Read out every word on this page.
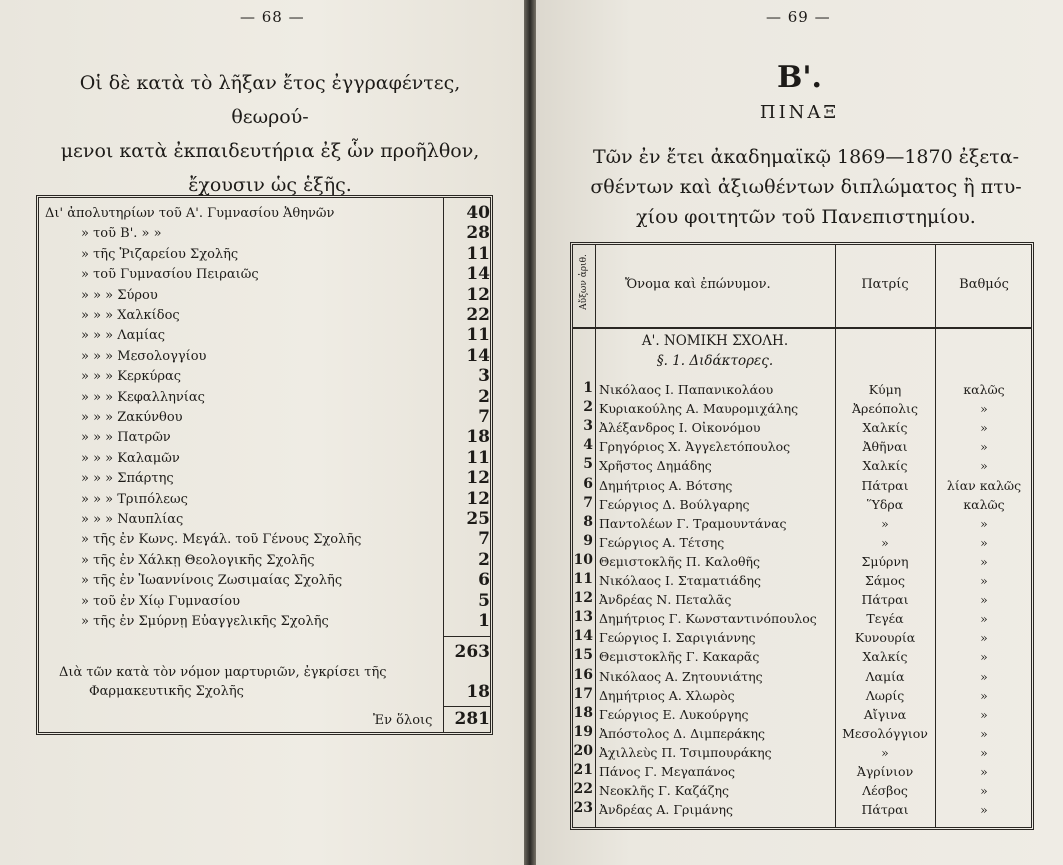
— 68 —
Οἱ δὲ κατὰ τὸ λῆξαν ἔτος ἐγγραφέντες, θεωρού-
μενοι κατὰ ἐκπαιδευτήρια ἐξ ὧν προῆλθον,
ἔχουσιν ὡς ἑξῆς.
Δι' ἀπολυτηρίων τοῦ Α'. Γυμνασίου Ἀθηνῶν	40
» τοῦ Β'. » »	28
» τῆς Ῥιζαρείου Σχολῆς	11
» τοῦ Γυμνασίου Πειραιῶς	14
» » » Σύρου	12
» » » Χαλκίδος	22
» » » Λαμίας	11
» » » Μεσολογγίου	14
» » » Κερκύρας	3
» » » Κεφαλληνίας	2
» » » Ζακύνθου	7
» » » Πατρῶν	18
» » » Καλαμῶν	11
» » » Σπάρτης	12
» » » Τριπόλεως	12
» » » Ναυπλίας	25
» τῆς ἐν Κωνς. Μεγάλ. τοῦ Γένους Σχολῆς	7
» τῆς ἐν Χάλκῃ Θεολογικῆς Σχολῆς	2
» τῆς ἐν Ἰωαννίνοις Ζωσιμαίας Σχολῆς	6
» τοῦ ἐν Χίῳ Γυμνασίου	5
» τῆς ἐν Σμύρνῃ Εὐαγγελικῆς Σχολῆς	1
263
Διὰ τῶν κατὰ τὸν νόμον μαρτυριῶν, ἐγκρίσει τῆς
Φαρμακευτικῆς Σχολῆς	18
Ἐν ὅλοις	281
— 69 —
Β'.
ΠΙΝΑΞ
Τῶν ἐν ἔτει ἀκαδημαϊκῷ 1869—1870 ἐξετα-
σθέντων καὶ ἀξιωθέντων διπλώματος ἢ πτυ-
χίου φοιτητῶν τοῦ Πανεπιστημίου.
Αὔξων ἀριθ.	Ὄνομα καὶ ἐπώνυμον.	Πατρίς	Βαθμός
Α'. ΝΟΜΙΚΗ ΣΧΟΛΗ.
§. 1. Διδάκτορες.
1 Νικόλαος Ι. Παπανικολάου	Κύμη	καλῶς
2 Κυριακούλης Α. Μαυρομιχάλης	Ἀρεόπολις	»
3 Ἀλέξανδρος Ι. Οἰκονόμου	Χαλκίς	»
4 Γρηγόριος Χ. Ἀγγελετόπουλος	Ἀθῆναι	»
5 Χρῆστος Δημάδης	Χαλκίς	»
6 Δημήτριος Α. Βότσης	Πάτραι	λίαν καλῶς
7 Γεώργιος Δ. Βούλγαρης	Ὕδρα	καλῶς
8 Παντολέων Γ. Τραμουντάνας	»	»
9 Γεώργιος Α. Τέτσης	»	»
10 Θεμιστοκλῆς Π. Καλοθῆς	Σμύρνη	»
11 Νικόλαος Ι. Σταματιάδης	Σάμος	»
12 Ἀνδρέας Ν. Πεταλᾶς	Πάτραι	»
13 Δημήτριος Γ. Κωνσταντινόπουλος	Τεγέα	»
14 Γεώργιος Ι. Σαριγιάννης	Κυνουρία	»
15 Θεμιστοκλῆς Γ. Κακαρᾶς	Χαλκίς	»
16 Νικόλαος Α. Ζητουνιάτης	Λαμία	»
17 Δημήτριος Α. Χλωρὸς	Λωρίς	»
18 Γεώργιος Ε. Λυκούργης	Αἴγινα	»
19 Ἀπόστολος Δ. Διμπεράκης	Μεσολόγγιον	»
20 Ἀχιλλεὺς Π. Τσιμπουράκης	»	»
21 Πάνος Γ. Μεγαπάνος	Ἀγρίνιον	»
22 Νεοκλῆς Γ. Καζάζης	Λέσβος	»
23 Ἀνδρέας Α. Γριμάνης	Πάτραι	»
